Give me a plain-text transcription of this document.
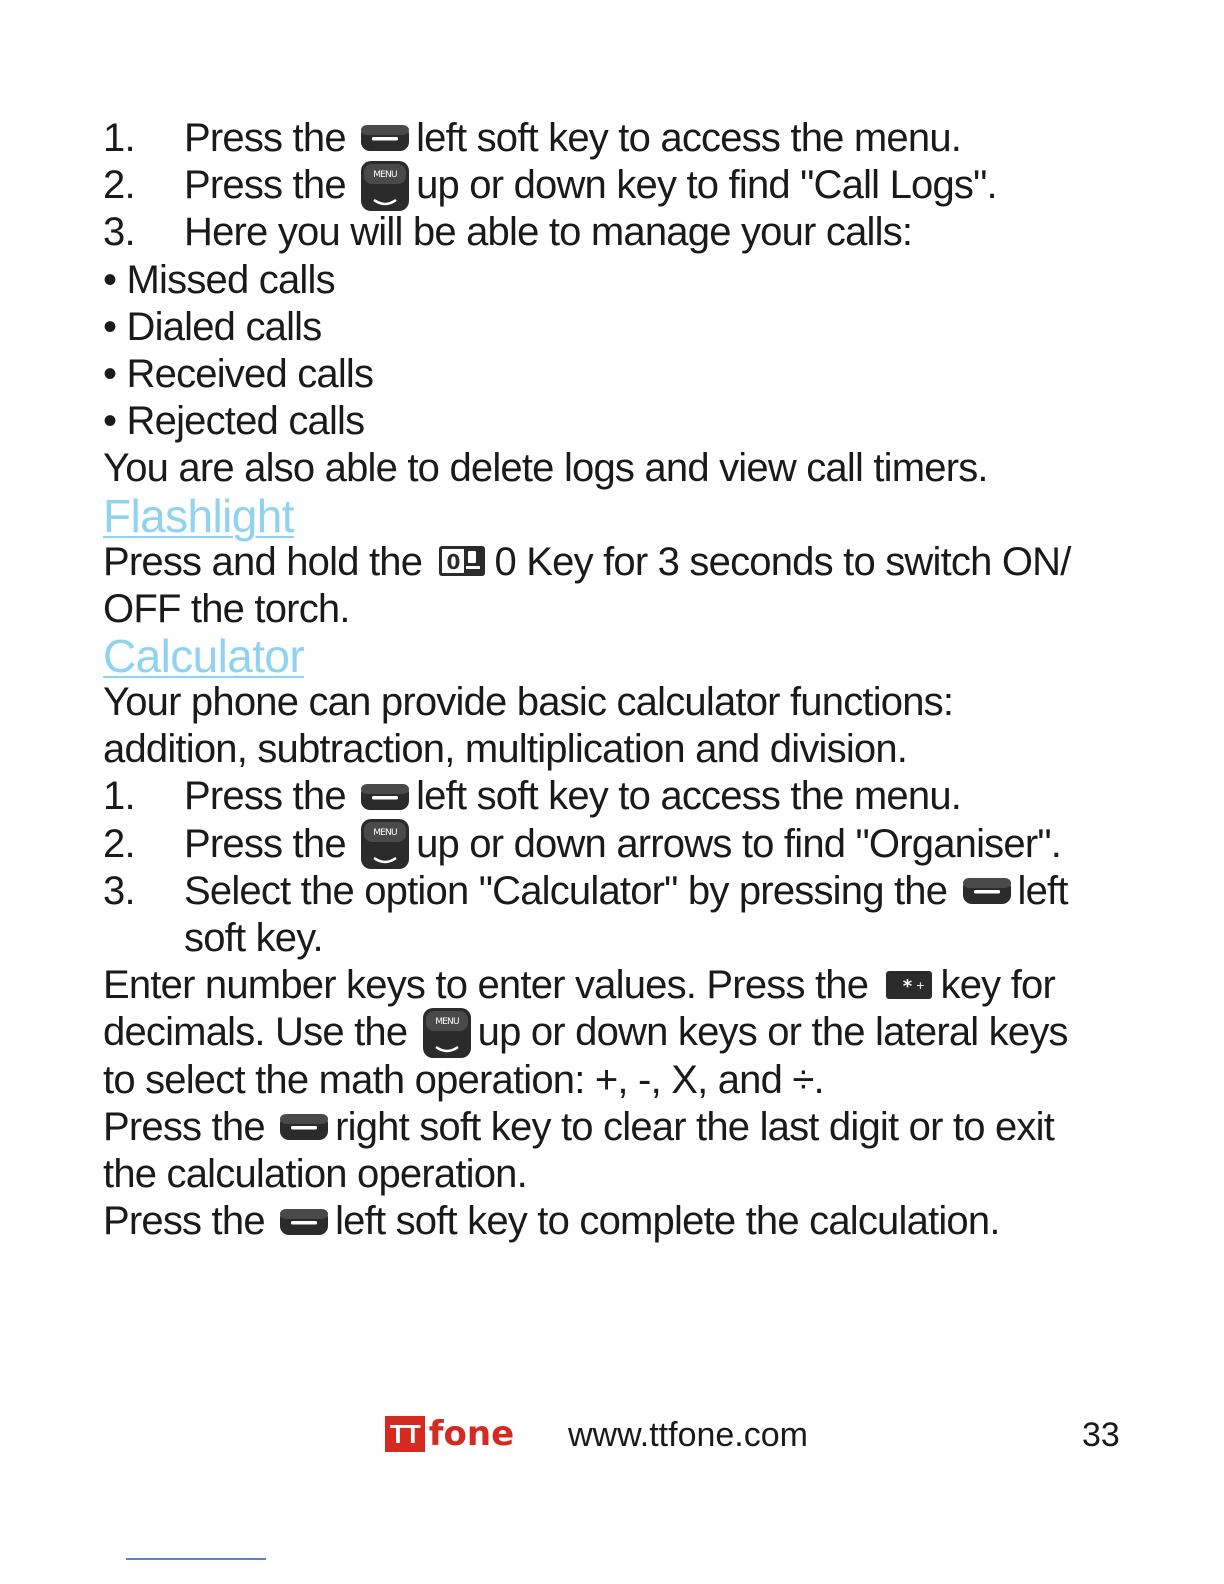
1.	Press the left soft key to access the menu.
2.	Press the up or down key to find "Call Logs".
3.	Here you will be able to manage your calls:
• Missed calls
• Dialed calls
• Received calls
• Rejected calls
You are also able to delete logs and view call timers.
Flashlight
Press and hold the 0 Key for 3 seconds to switch ON/
OFF the torch.
Calculator
Your phone can provide basic calculator functions:
addition, subtraction, multiplication and division.
1.	Press the left soft key to access the menu.
2.	Press the up or down arrows to find "Organiser".
3.	Select the option "Calculator" by pressing the left
soft key.
Enter number keys to enter values. Press the key for
decimals. Use the up or down keys or the lateral keys
to select the math operation: +, -, X, and ÷.
Press the right soft key to clear the last digit or to exit
the calculation operation.
Press the left soft key to complete the calculation.
TT fone www.ttfone.com	33
